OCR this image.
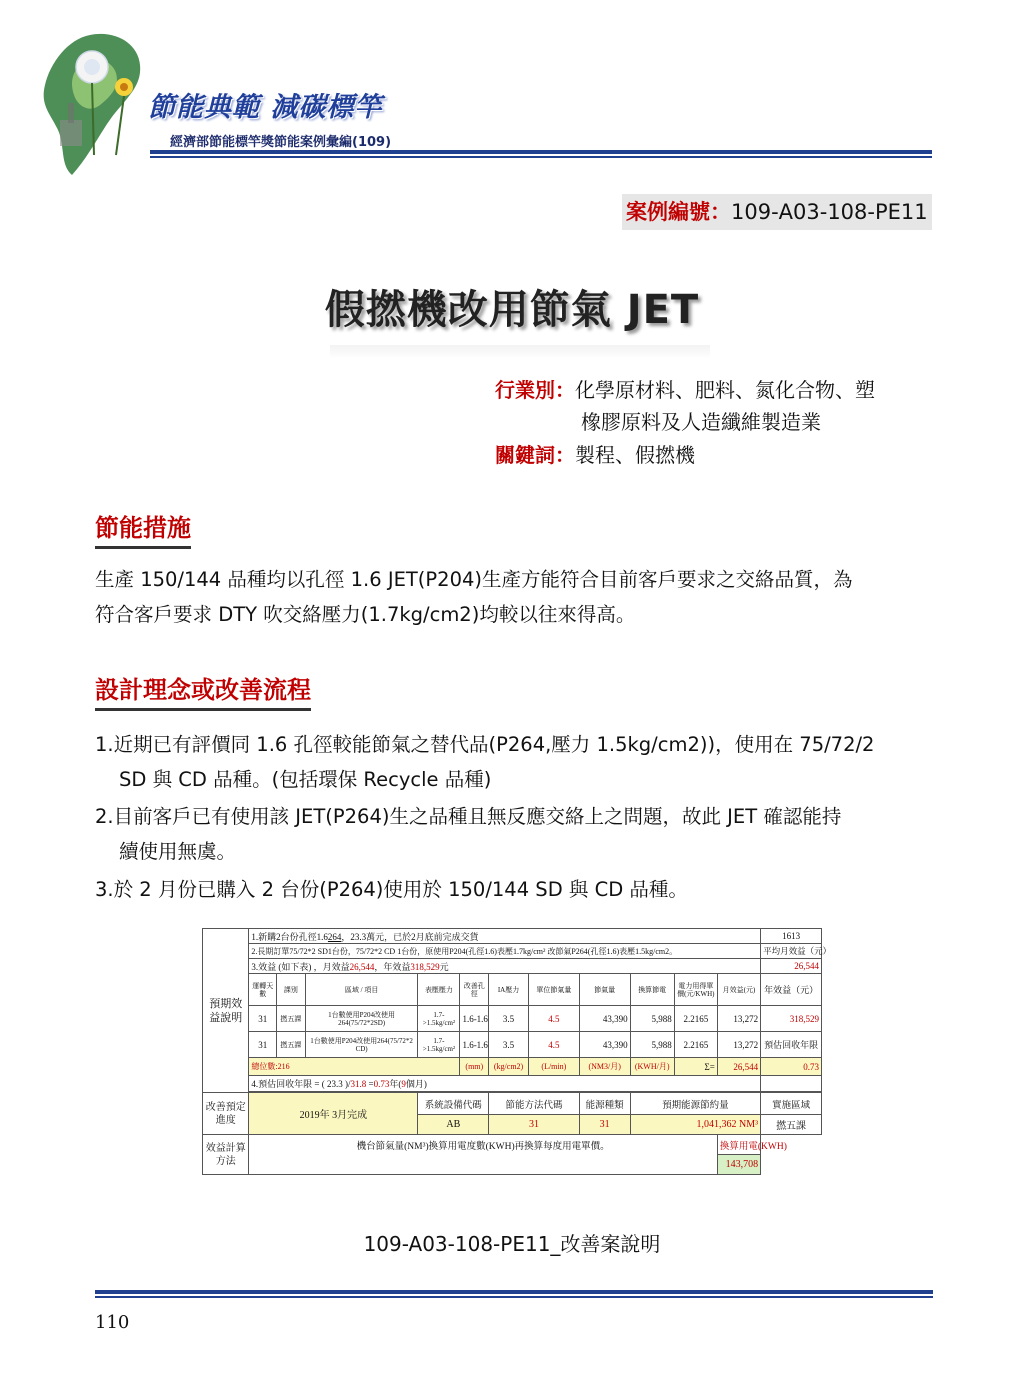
節能典範 減碳標竿
經濟部節能標竿獎節能案例彙編(109)
案例編號：109-A03-108-PE11
假撚機改用節氣 JET
行業別：化學原材料、肥料、氮化合物、塑
橡膠原料及人造纖維製造業
關鍵詞：製程、假撚機
節能措施
生產 150/144 品種均以孔徑 1.6 JET(P204)生產方能符合目前客戶要求之交絡品質，為
符合客戶要求 DTY 吹交絡壓力(1.7kg/cm2)均較以往來得高。
設計理念或改善流程
1.近期已有評價同 1.6 孔徑較能節氣之替代品(P264,壓力 1.5kg/cm2))，使用在 75/72/2
SD 與 CD 品種。(包括環保 Recycle 品種)
2.目前客戶已有使用該 JET(P264)生之品種且無反應交絡上之問題，故此 JET 確認能持
續使用無虞。
3.於 2 月份已購入 2 台份(P264)使用於 150/144 SD 與 CD 品種。
預期效益說明	1.新購2台份孔徑1.6264，23.3萬元，已於2月底前完成交貨											1613
	2.長期訂單75/72*2 SD1台份，75/72*2 CD 1台份，原使用P204(孔徑1.6)表壓1.7kg/cm² 改節氣P264(孔徑1.6)表壓1.5kg/cm2。											平均月效益（元）
	3.效益 (如下表) ，月效益26,544，年效益318,529元											26,544
	運轉天數	課別	區域 / 項目	表壓壓力	改善孔徑	IA壓力	單位節氣量	節氣量	換算節電	電力用得單價(元/KWH)	月效益(元)	年效益（元）
	31	撚五課	1台數使用P204改使用264(75/72*2SD)	1.7->1.5kg/cm²	1.6-1.6	3.5	4.5	43,390	5,988	2.2165	13,272	318,529
	31	撚五課	1台數使用P204改使用264(75/72*2 CD)	1.7->1.5kg/cm²	1.6-1.6	3.5	4.5	43,390	5,988	2.2165	13,272	預估回收年限
	總位數:216				(mm)	(kg/cm2)	(L/min)	(NM3/月)	(KWH/月)	Σ=	26,544	0.73
	4.預估回收年限 = ( 23.3 )/31.8 =0.73年(9個月)											

改善預定進度	2019年 3月完成			系統設備代碼		節能方法代碼		能源種類	預期能源節約量			實施區域
				AB		31		31	1,041,362 NM³			撚五課
效益計算方法	機台節氣量(NM³)換算用電度數(KWH)再換算每度用電單價。										換算用電(KWH)	
											143,708	
109-A03-108-PE11_改善案說明
110
